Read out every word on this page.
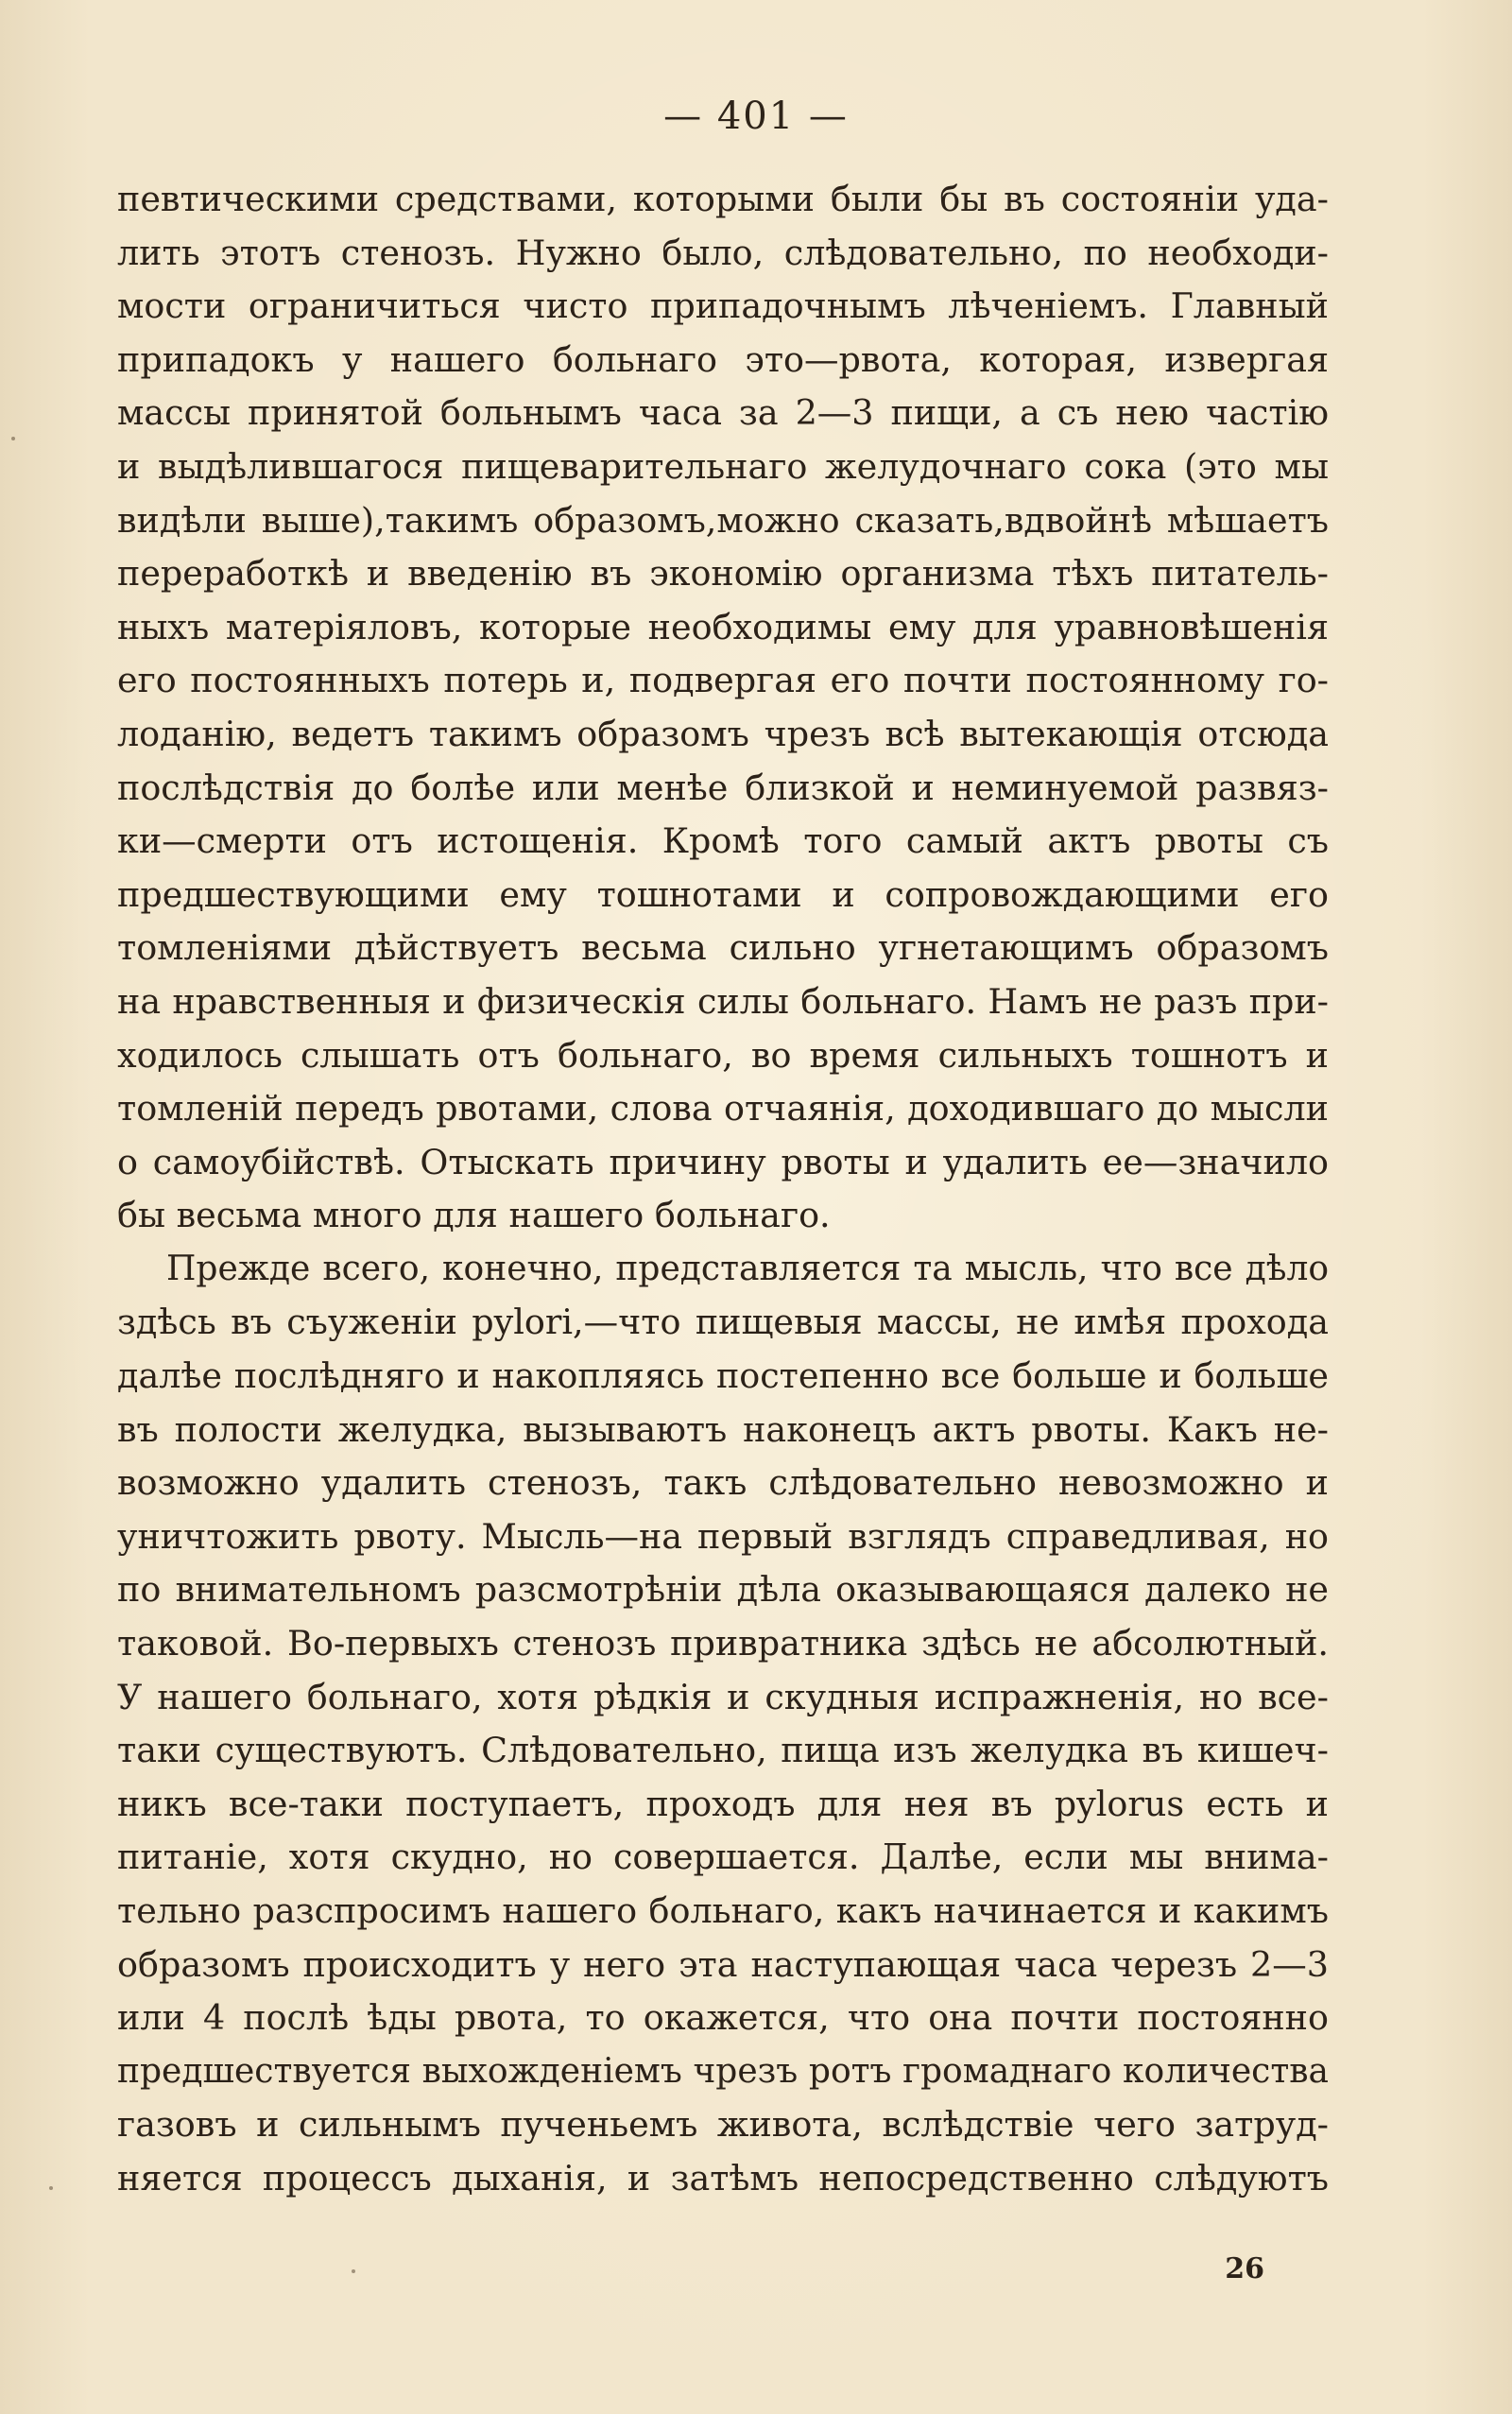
— 401 —
певтическими средствами, которыми были бы въ состоянiи уда-
лить этотъ стенозъ. Нужно было, слѣдовательно, по необходи-
мости ограничиться чисто припадочнымъ лѣченiемъ. Главный
припадокъ у нашего больнаго это—рвота, которая, извергая
массы принятой больнымъ часа за 2—3 пищи, а съ нею частiю
и выдѣлившагося пищеварительнаго желудочнаго сока (это мы
видѣли выше),такимъ образомъ,можно сказать,вдвойнѣ мѣшаетъ
переработкѣ и введенiю въ экономiю организма тѣхъ питатель-
ныхъ матерiяловъ, которые необходимы ему для уравновѣшенiя
его постоянныхъ потерь и, подвергая его почти постоянному го-
лоданiю, ведетъ такимъ образомъ чрезъ всѣ вытекающiя отсюда
послѣдствiя до болѣе или менѣе близкой и неминуемой развяз-
ки—смерти отъ истощенiя. Кромѣ того самый актъ рвоты съ
предшествующими ему тошнотами и сопровождающими его
томленiями дѣйствуетъ весьма сильно угнетающимъ образомъ
на нравственныя и физическiя силы больнаго. Намъ не разъ при-
ходилось слышать отъ больнаго, во время сильныхъ тошнотъ и
томленiй передъ рвотами, слова отчаянiя, доходившаго до мысли
о самоубiйствѣ. Отыскать причину рвоты и удалить ее—значило
бы весьма много для нашего больнаго.
Прежде всего, конечно, представляется та мысль, что все дѣло
здѣсь въ съуженiи pylori,—что пищевыя массы, не имѣя прохода
далѣе послѣдняго и накопляясь постепенно все больше и больше
въ полости желудка, вызываютъ наконецъ актъ рвоты. Какъ не-
возможно удалить стенозъ, такъ слѣдовательно невозможно и
уничтожить рвоту. Мысль—на первый взглядъ справедливая, но
по внимательномъ разсмотрѣнiи дѣла оказывающаяся далеко не
таковой. Во-первыхъ стенозъ привратника здѣсь не абсолютный.
У нашего больнаго, хотя рѣдкiя и скудныя испражненiя, но все-
таки существуютъ. Слѣдовательно, пища изъ желудка въ кишеч-
никъ все-таки поступаетъ, проходъ для нея въ pylorus есть и
питанiе, хотя скудно, но совершается. Далѣе, если мы внима-
тельно разспросимъ нашего больнаго, какъ начинается и какимъ
образомъ происходитъ у него эта наступающая часа черезъ 2—3
или 4 послѣ ѣды рвота, то окажется, что она почти постоянно
предшествуется выхожденiемъ чрезъ ротъ громаднаго количества
газовъ и сильнымъ пученьемъ живота, вслѣдствiе чего затруд-
няется процессъ дыханiя, и затѣмъ непосредственно слѣдуютъ
26
